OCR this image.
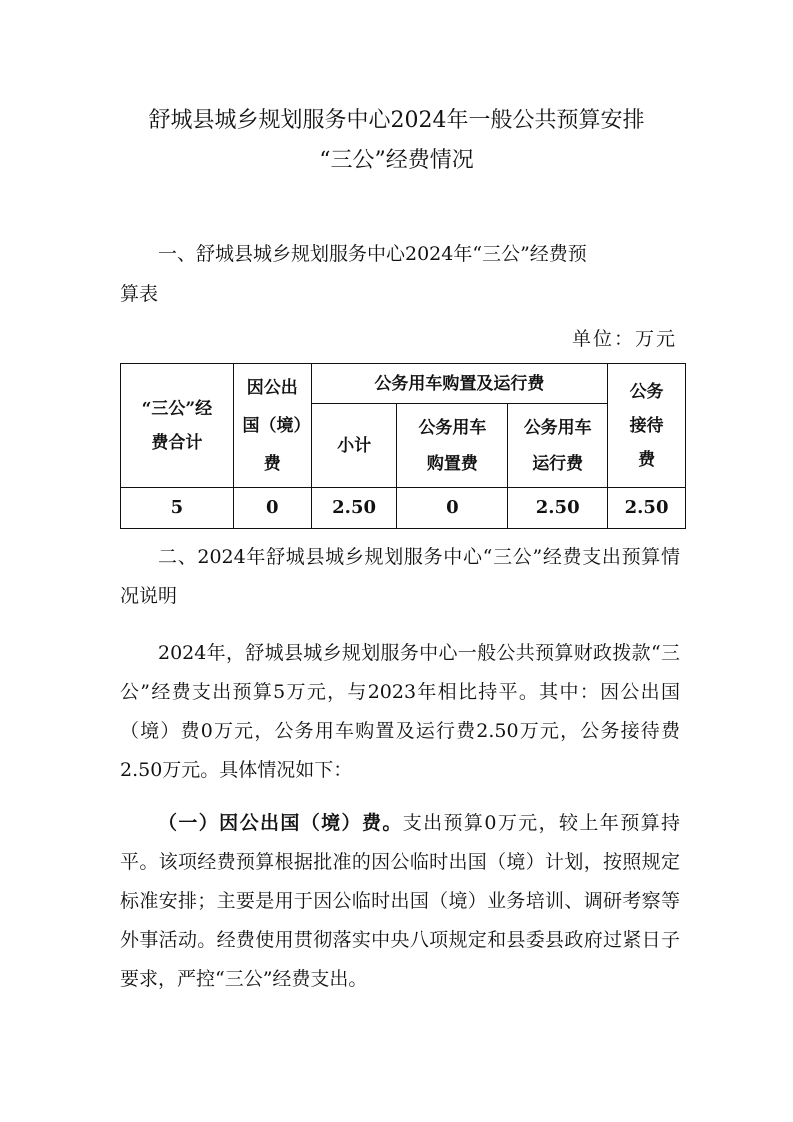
舒城县城乡规划服务中心2024年一般公共预算安排
“三公”经费情况
一、舒城县城乡规划服务中心2024年“三公”经费预
算表
单位：万元
“三公”经费合计	因公出国（境）费	公务用车购置及运行费			公务接待费

		小计	公务用车购置费	公务用车运行费	

5	0	2.50	0	2.50	2.50
二、2024年舒城县城乡规划服务中心“三公”经费支出预算情况说明
2024年，舒城县城乡规划服务中心一般公共预算财政拨款“三公”经费支出预算5万元，与2023年相比持平。其中：因公出国（境）费0万元，公务用车购置及运行费2.50万元，公务接待费2.50万元。具体情况如下：
（一）因公出国（境）费。支出预算0万元，较上年预算持平。该项经费预算根据批准的因公临时出国（境）计划，按照规定标准安排；主要是用于因公临时出国（境）业务培训、调研考察等外事活动。经费使用贯彻落实中央八项规定和县委县政府过紧日子要求，严控“三公”经费支出。
